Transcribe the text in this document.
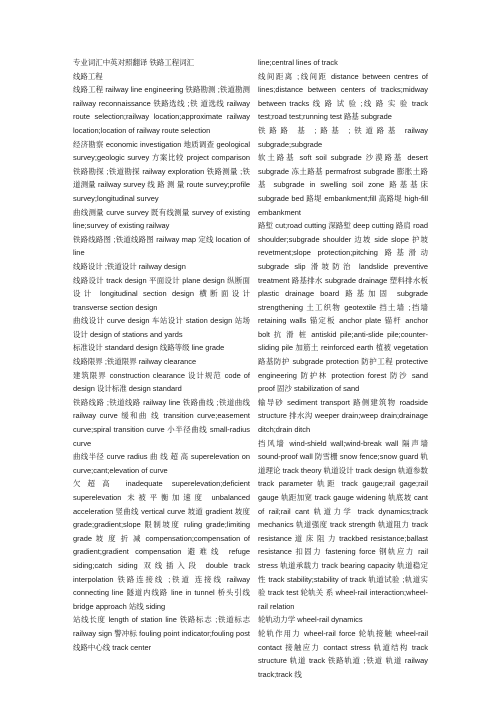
专业词汇中英对照翻译 铁路工程词汇

线路工程

线路工程 railway line engineering 铁路勘测 ;铁道勘测 railway reconnaissance 铁路选线 ;铁 道选线 railway route selection;railway location;approximate railway location;location of railway route selection

经济勘察 economic investigation 地质调查 geological survey;geologic survey 方案比较 project comparison 铁路勘探 ;铁道勘探 railway exploration 铁路测量 ;铁道测量 railway survey 线 路 测 量 route survey;profile survey;longitudinal survey

曲线测量 curve survey 既有线测量 survey of existing line;survey of existing railway

铁路线路图 ;铁道线路图 railway map 定线 location of line

线路设计 ;铁道设计 railway design

线路设计 track design 平面设计 plane design 纵断面设计 longitudinal section design 横断面设计 transverse section design

曲线设计 curve design 车站设计 station design 站场设计 design of stations and yards

标准设计 standard design 线路等级 line grade

线路限界 ;铁道限界 railway clearance

建筑限界 construction clearance 设计规范 code of design 设计标准 design standard

铁路线路 ;铁道线路 railway line 铁路曲线 ;铁道曲线 railway curve 缓和曲 线 transition curve;easement curve;spiral transition curve 小半径曲线 small-radius curve

曲线半径 curve radius 曲 线 超 高 superelevation on curve;cant;elevation of curve

欠超高 inadequate superelevation;deficient superelevation 未被平衡加速度 unbalanced acceleration 竖曲线 vertical curve 坡道 gradient 坡度 grade;gradient;slope 限制坡度 ruling grade;limiting grade 坡 度 折 减 compensation;compensation of gradient;gradient compensation 避难线 refuge siding;catch siding 双线插入段 double track interpolation 铁路连接线 ;铁道 连接线 railway connecting line 隧道内线路 line in tunnel 桥头引线 bridge approach 站线 siding

站线长度 length of station line 铁路标志 ;铁道标志 railway sign 警冲标 fouling point indicator;fouling post 线路中心线 track center

line;central lines of track

线间距离 ;线间距 distance between centres of lines;distance between centers of tracks;midway between tracks 线 路 试 验 ;线 路 实 验 track test;road test;running test 路基 subgrade

铁路路 基 ;路基 ;铁道路基 railway subgrade;subgrade

软土路基 soft soil subgrade 沙漠路基 desert subgrade 冻土路基 permafrost subgrade 膨胀土路基 subgrade in swelling soil zone 路基基床 subgrade bed 路堤 embankment;fill 高路堤 high-fill embankment

路堑 cut;road cutting 深路堑 deep cutting 路肩 road shoulder;subgrade shoulder 边坡 side slope 护坡 revetment;slope protection;pitching 路基滑动 subgrade slip 滑坡防治 landslide preventive treatment 路基排水 subgrade drainage 塑料排水板 plastic drainage board 路基加固 subgrade strengthening 土工织物 geotextile 挡土墙 ;挡墙 retaining walls 锚定板 anchor plate 锚杆 anchor bolt 抗 滑 桩 antiskid pile;anti-slide pile;counter-sliding pile 加筋土 reinforced earth 植被 vegetation 路基防护 subgrade protection 防护工程 protective engineering 防护林 protection forest 防沙 sand proof 固沙 stabilization of sand

输导砂 sediment transport 路侧建筑物 roadside structure 排水沟 weeper drain;weep drain;drainage ditch;drain ditch

挡风墙 wind-shield wall;wind-break wall 隔声墙 sound-proof wall 防雪栅 snow fence;snow guard 轨道理论 track theory 轨道设计 track design 轨道参数 track parameter 轨距 track gauge;rail gage;rail gauge 轨距加宽 track gauge widening 轨底坡 cant of rail;rail cant 轨道力学 track dynamics;track mechanics 轨道强度 track strength 轨道阻力 track resistance 道 床 阻 力 trackbed resistance;ballast resistance 扣固力 fastening force 钢轨应力 rail stress 轨道承载力 track bearing capacity 轨道稳定性 track stability;stability of track 轨道试验 ;轨道实验 track test 轮轨关 系 wheel-rail interaction;wheel-rail relation

轮轨动力学 wheel-rail dynamics

轮轨作用力 wheel-rail force 轮轨接触 wheel-rail contact 接触应力 contact stress 轨道结构 track structure 轨道 track 铁路轨道 ;铁道 轨道 railway track;track 线
